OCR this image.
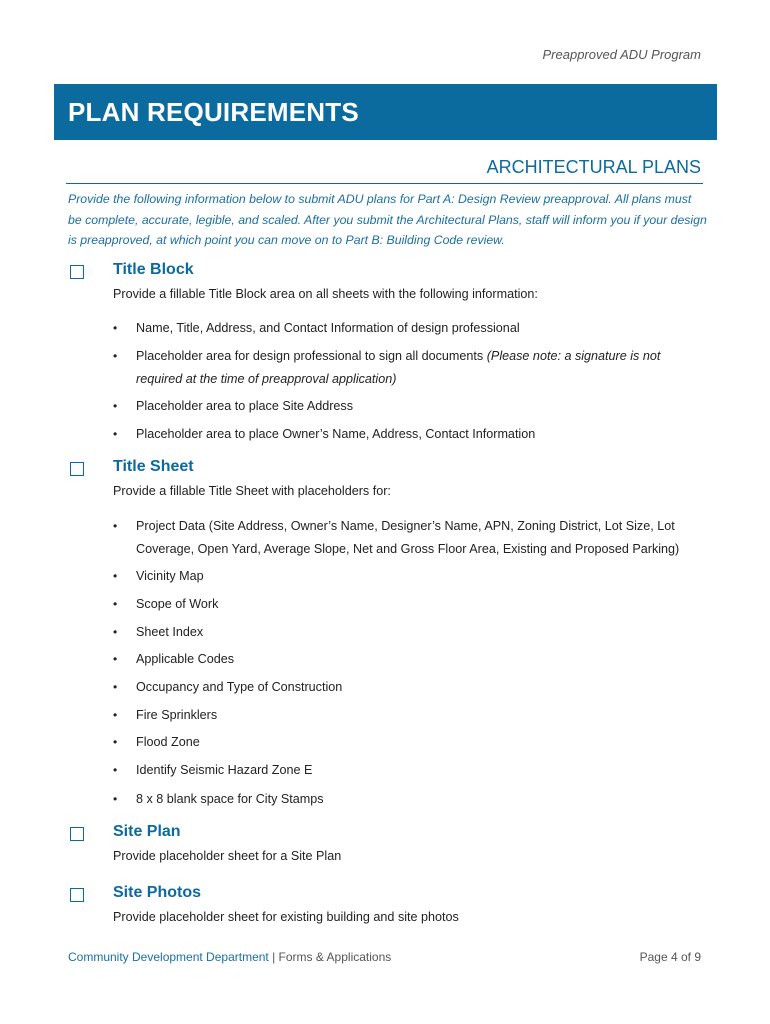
Preapproved ADU Program
PLAN REQUIREMENTS
ARCHITECTURAL PLANS
Provide the following information below to submit ADU plans for Part A: Design Review preapproval. All plans must be complete, accurate, legible, and scaled. After you submit the Architectural Plans, staff will inform you if your design is preapproved, at which point you can move on to Part B: Building Code review.
Title Block
Provide a fillable Title Block area on all sheets with the following information:
•	Name, Title, Address, and Contact Information of design professional
•	Placeholder area for design professional to sign all documents (Please note: a signature is not required at the time of preapproval application)
•	Placeholder area to place Site Address
•	Placeholder area to place Owner’s Name, Address, Contact Information
Title Sheet
Provide a fillable Title Sheet with placeholders for:
•	Project Data (Site Address, Owner’s Name, Designer’s Name, APN, Zoning District, Lot Size, Lot Coverage, Open Yard, Average Slope, Net and Gross Floor Area, Existing and Proposed Parking)
•	Vicinity Map
•	Scope of Work
•	Sheet Index
•	Applicable Codes
•	Occupancy and Type of Construction
•	Fire Sprinklers
•	Flood Zone
•	Identify Seismic Hazard Zone E
•	8 x 8 blank space for City Stamps
Site Plan
Provide placeholder sheet for a Site Plan
Site Photos
Provide placeholder sheet for existing building and site photos
Community Development Department | Forms & Applications	Page 4 of 9
